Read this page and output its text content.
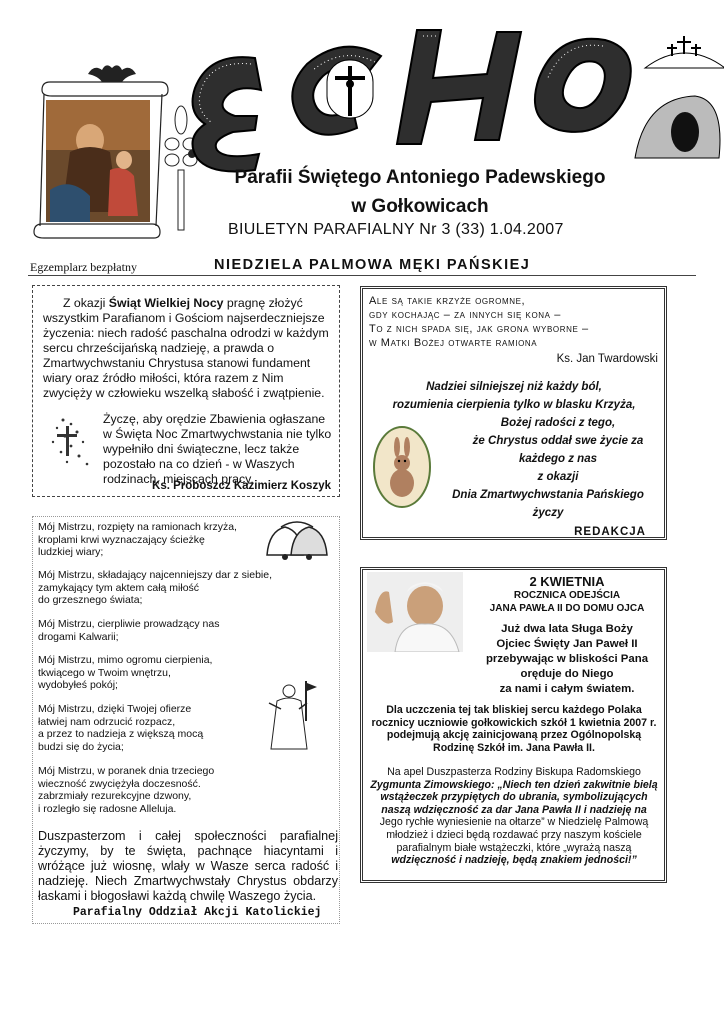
Parafii Świętego Antoniego Padewskiego
w Gołkowicach
BIULETYN PARAFIALNY Nr 3 (33) 1.04.2007
Egzemplarz bezpłatny	NIEDZIELA PALMOWA MĘKI PAŃSKIEJ

Z okazji Świąt Wielkiej Nocy pragnę złożyć wszystkim Parafianom i Gościom najserdeczniejsze życzenia: niech radość paschalna odrodzi w każdym sercu chrześcijańską nadzieję, a prawda o Zmartwychwstaniu Chrystusa stanowi fundament wiary oraz źródło miłości, która razem z Nim zwycięży w człowieku wszelką słabość i zwątpienie.

Życzę, aby orędzie Zbawienia ogłaszane w Święta Noc Zmartwychwstania nie tylko wypełniło dni świąteczne, lecz także pozostało na co dzień - w Waszych rodzinach, miejscach pracy.
Ks. Proboszcz Kazimierz Koszyk
Ale są takie krzyże ogromne,
gdy kochając – za innych się kona –
To z nich spada się, jak grona wyborne –
w Matki Bożej otwarte ramiona
Ks. Jan Twardowski
Nadziei silniejszej niż każdy ból,
rozumienia cierpienia tylko w blasku Krzyża,
Bożej radości z tego,
że Chrystus oddał swe życie za
każdego z nas
z okazji
Dnia Zmartwychwstania Pańskiego
życzy
REDAKCJA
Mój Mistrzu, rozpięty na ramionach krzyża,
kroplami krwi wyznaczający ścieżkę
ludzkiej wiary;
Mój Mistrzu, składający najcenniejszy dar z siebie,
zamykający tym aktem całą miłość
do grzesznego świata;
Mój Mistrzu, cierpliwie prowadzący nas
drogami Kalwarii;
Mój Mistrzu, mimo ogromu cierpienia,
tkwiącego w Twoim wnętrzu,
wydobyłeś pokój;
Mój Mistrzu, dzięki Twojej ofierze
łatwiej nam odrzucić rozpacz,
a przez to nadzieja z większą mocą
budzi się do życia;
Mój Mistrzu, w poranek dnia trzeciego
wieczność zwyciężyła doczesność.
zabrzmiały rezurekcyjne dzwony,
i rozległo się radosne Alleluja.
Duszpasterzom i całej społeczności parafialnej życzymy, by te święta, pachnące hiacyntami i wróżące już wiosnę, wlały w Wasze serca radość i nadzieję. Niech Zmartwychwstały Chrystus obdarzy łaskami i błogosławi każdą chwilę Waszego życia.
Parafialny Oddział Akcji Katolickiej
2 KWIETNIA
ROCZNICA ODEJŚCIA
JANA PAWŁA II DO DOMU OJCA
Już dwa lata Sługa Boży
Ojciec Święty Jan Paweł II
przebywając w bliskości Pana
oręduje do Niego
za nami i całym światem.
Dla uczczenia tej tak bliskiej sercu każdego Polaka
rocznicy uczniowie gołkowickich szkół 1 kwietnia 2007 r.
podejmują akcję zainicjowaną przez Ogólnopolską
Rodzinę Szkół im. Jana Pawła II.
Na apel Duszpasterza Rodziny Biskupa Radomskiego
Zygmunta Zimowskiego: „Niech ten dzień zakwitnie bielą
wstążeczek przypiętych do ubrania, symbolizujących
naszą wdzięczność za dar Jana Pawła II i nadzieję na
Jego rychłe wyniesienie na ołtarze” w Niedzielę Palmową
młodzież i dzieci będą rozdawać przy naszym kościele
parafialnym białe wstążeczki, które „wyrażą naszą
wdzięczność i nadzieję, będą znakiem jedności!”
